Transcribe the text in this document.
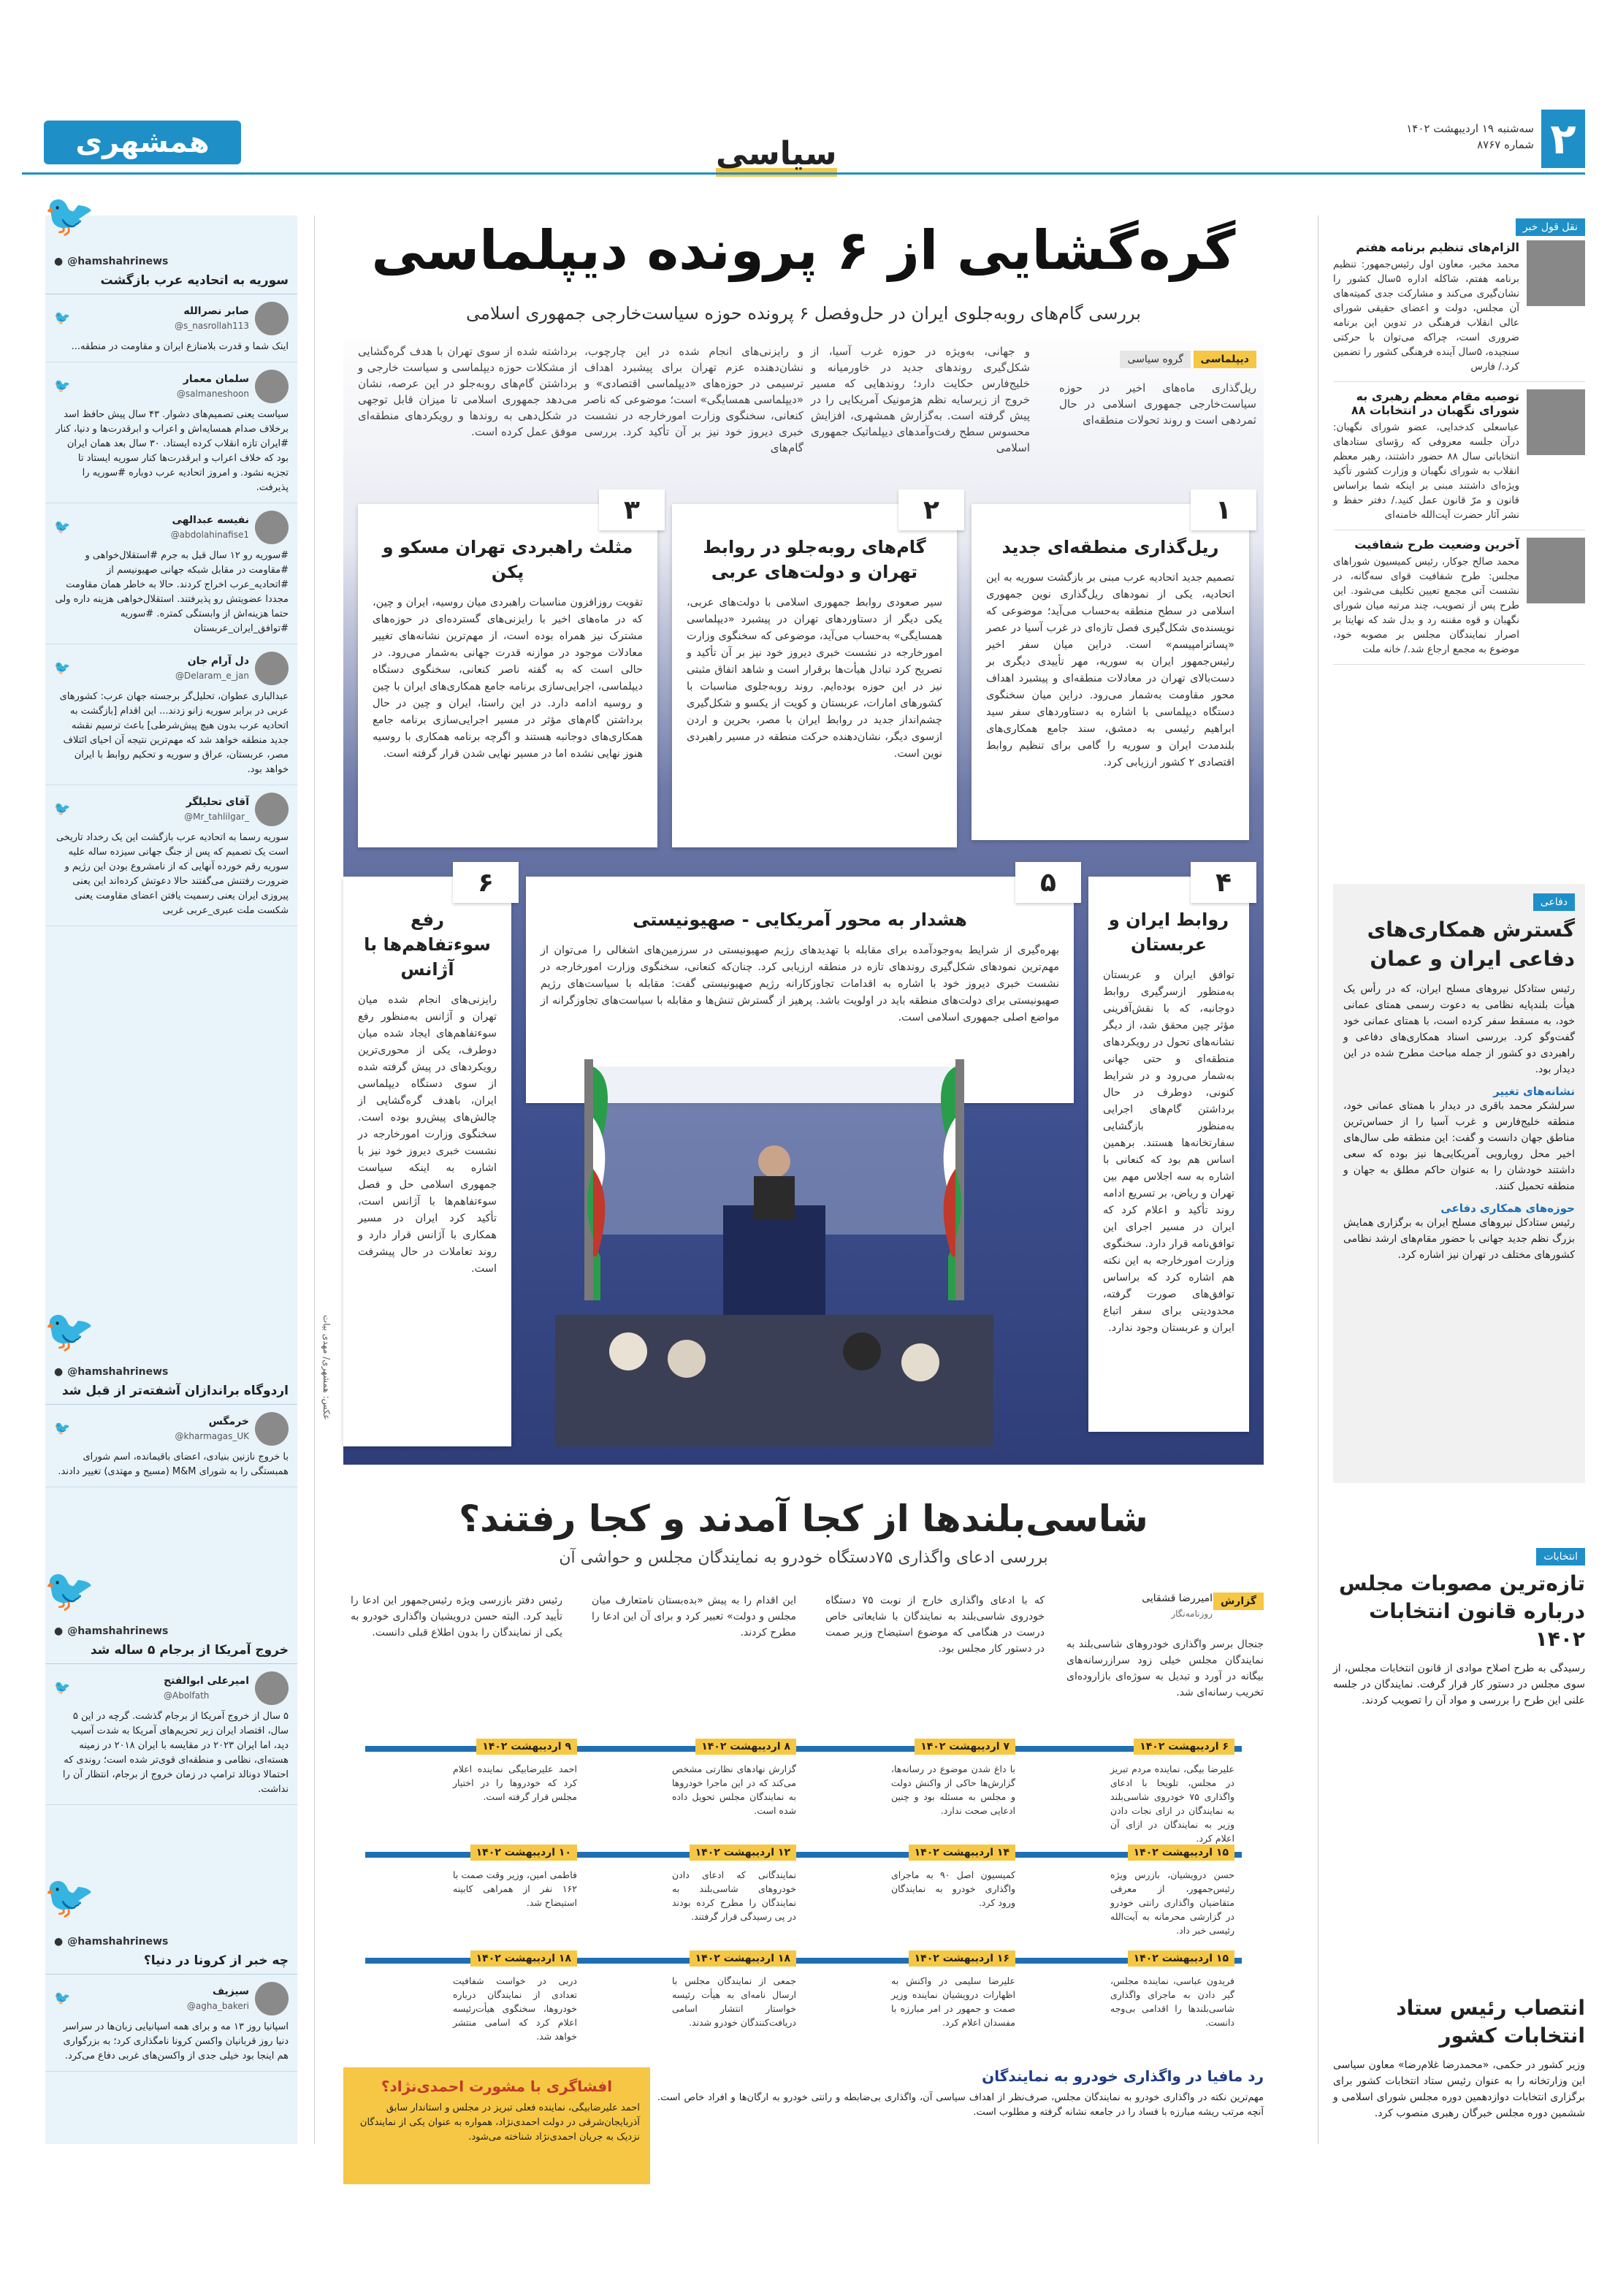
۲
سه‌شنبه ۱۹ اردیبهشت ۱۴۰۲
شماره ۸۷۶۷
همشهری	سیاسی
🐦
● @hamshahrinews
سوریه به اتحادیه عرب بازگشت
صابر نصرالله
@s_nasrollah113
🐦
اینک شما و قدرت بلامنازع ایران و مقاومت در منطقه...
سلمان معمار
@salmaneshoon
🐦
سیاست یعنی تصمیم‌های دشوار. ۴۳ سال پیش حافظ اسد برخلاف صدام همسایه‌اش و اعراب و ابرقدرت‌ها و دنیا، کنار #ایران تازه انقلاب کرده ایستاد. ۳۰ سال بعد همان ایران بود که خلاف اعراب و ابرقدرت‌ها کنار سوریه ایستاد تا تجزیه نشود. و امروز اتحادیه عرب دوباره #سوریه را پذیرفت.
نفیسه عبدالهی
@abdolahinafise1
🐦
#سوریه رو ۱۲ سال قبل به جرم #استقلال‌خواهی و #مقاومت در مقابل شبکه جهانی صهیونیسم از #اتحادیه_عرب اخراج کردند. حالا به خاطر همان مقاومت مجددا عضویتش رو پذیرفتند. استقلال‌خواهی هزینه داره ولی حتما هزینه‌اش از وابستگی کمتره. #سوریه #توافق_ایران_عربستان
دل آرام جان
@Delaram_e_jan
🐦
عبدالباری عطوان، تحلیل‌گر برجسته جهان عرب: کشورهای عربی در برابر سوریه زانو زدند... این اقدام [بازگشت به اتحادیه عرب بدون هیچ پیش‌شرطی] باعث ترسیم نقشه جدید منطقه خواهد شد که مهم‌ترین نتیجه آن احیای ائتلاف مصر، عربستان، عراق و سوریه و تحکیم روابط با ایران خواهد بود.
آقای تحلیلگر
@Mr_tahlilgar_
🐦
سوریه رسما به اتحادیه عرب بازگشت این یک رخداد تاریخی است یک تصمیم که پس از جنگ جهانی سیزده ساله علیه سوریه رقم خورده آنهایی که از نامشروع بودن این رژیم و ضرورت رفتنش می‌گفتند حالا دعوتش کرده‌اند این یعنی پیروزی ایران یعنی رسمیت یافتن اعضای مقاومت یعنی شکست ملت عبری_عربی غربی
🐦
● @hamshahrinews
اردوگاه براندازان آشفته‌تر از قبل شد
خرمگس
@kharmagas_UK
🐦
با خروج نازنین بنیادی، اعضای باقیمانده، اسم شورای همبستگی را به شورای M&M (مسیح و مهتدی) تغییر دادند.
🐦
● @hamshahrinews
خروج آمریکا از برجام ۵ ساله شد
امیرعلی ابوالفتح
@Abolfath
🐦
۵ سال از خروج آمریکا از برجام گذشت. گرچه در این ۵ سال، اقتصاد ایران زیر تحریم‌های آمریکا به شدت آسیب دید، اما ایران ۲۰۲۳ در مقایسه با ایران ۲۰۱۸ در زمینه هسته‌ای، نظامی و منطقه‌ای قوی‌تر شده است؛ روندی که احتمالا دونالد ترامپ در زمان خروج از برجام، انتظار آن را نداشت.
🐦
● @hamshahrinews
چه خبر از کرونا در دنیا؟
سیزیف
@agha_bakeri
🐦
اسپانیا روز ۱۳ مه و برای همه اسپانیایی زبان‌ها در سراسر دنیا روز قربانیان واکسن کرونا نامگذاری کرد؛ به بزرگواری هم اینجا بود خیلی جدی از واکسن‌های غربی دفاع می‌کرد.
گره‌گشایی از ۶ پرونده دیپلماسی
بررسی گام‌های روبه‌جلوی ایران در حل‌وفصل ۶ پرونده حوزه سیاست‌خارجی جمهوری اسلامی
دیپلماسی
گروه سیاسی
ریل‌گذاری ماه‌های اخیر در حوزه سیاست‌خارجی جمهوری اسلامی در حال ثمردهی است و روند تحولات منطقه‌ای
و جهانی، به‌ویژه در حوزه غرب آسیا، از شکل‌گیری روندهای جدید در خاورمیانه و خلیج‌فارس حکایت دارد؛ روندهایی که مسیر خروج از زیرسایه نظم هژمونیک آمریکایی را در پیش گرفته است. به‌گزارش همشهری، افزایش محسوس سطح رفت‌وآمدهای دیپلماتیک جمهوری اسلامی
و رایزنی‌های انجام شده در این چارچوب، نشان‌دهنده عزم تهران برای پیشبرد اهداف ترسیمی در حوزه‌های «دیپلماسی اقتصادی» و «دیپلماسی همسایگی» است؛ موضوعی که ناصر کنعانی، سخنگوی وزارت امورخارجه در نشست خبری دیروز خود نیز بر آن تأکید کرد. بررسی گام‌های
برداشته شده از سوی تهران با هدف گره‌گشایی از مشکلات حوزه دیپلماسی و سیاست خارجی و برداشتن گام‌های رو‌به‌جلو در این عرصه، نشان می‌دهد جمهوری اسلامی تا میزان قابل توجهی در شکل‌دهی به روندها و رویکردهای منطقه‌ای موفق عمل کرده است.
۱
ریل‌گذاری منطقه‌ای جدید
تصمیم جدید اتحادیه عرب مبنی بر بازگشت سوریه به این اتحادیه، یکی از نمودهای ریل‌گذاری نوین جمهوری اسلامی در سطح منطقه به‌حساب می‌آید؛ موضوعی که نویسنده‌ی شکل‌گیری فصل تازه‌ای در غرب آسیا در عصر «پساترامپیسم» است. دراین میان سفر اخیر رئیس‌جمهور ایران به سوریه، مهر تأییدی دیگری بر دست‌بالای تهران در معادلات منطقه‌ای و پیشبرد اهداف محور مقاومت به‌شمار می‌رود. دراین میان سخنگوی دستگاه دیپلماسی با اشاره به دستاوردهای سفر سید ابراهیم رئیسی به دمشق، سند جامع همکاری‌های بلندمدت ایران و سوریه را گامی برای تنظیم روابط اقتصادی ۲ کشور ارزیابی کرد.
۲
گام‌های روبه‌جلو در روابط تهران و دولت‌های عربی
سیر صعودی روابط جمهوری اسلامی با دولت‌های عربی، یکی دیگر از دستاوردهای تهران در پیشبرد «دیپلماسی همسایگی» به‌حساب می‌آید، موضوعی که سخنگوی وزارت امورخارجه در نشست خبری دیروز خود نیز بر آن تأکید و تصریح کرد تبادل هیأت‌ها برقرار است و شاهد اتفاق مثبتی نیز در این حوزه بوده‌ایم. روند روبه‌جلوی مناسبات با کشورهای امارات، عربستان و کویت از یکسو و شکل‌گیری چشم‌انداز جدید در روابط ایران با مصر، بحرین و اردن ازسوی دیگر، نشان‌دهنده حرکت منطقه در مسیر راهبردی نوین است.
۳
مثلث راهبردی تهران مسکو و پکن
تقویت روزافزون مناسبات راهبردی میان روسیه، ایران و چین، که در ماه‌های اخیر با رایزنی‌های گسترده‌ای در حوزه‌های مشترک نیز همراه بوده است، از مهم‌ترین نشانه‌های تغییر معادلات موجود در موازنه قدرت جهانی به‌شمار می‌رود. در حالی است که به گفته ناصر کنعانی، سخنگوی دستگاه دیپلماسی، اجرایی‌سازی برنامه جامع همکاری‌های ایران با چین و روسیه ادامه دارد. در این راستا، ایران و چین در حال برداشتن گام‌های مؤثر در مسیر اجرایی‌سازی برنامه جامع همکاری‌های دوجانبه هستند و اگرچه برنامه همکاری با روسیه هنوز نهایی نشده اما در مسیر نهایی شدن قرار گرفته است.
۴
روابط ایران و عربستان
توافق ایران و عربستان به‌منظور ازسرگیری روابط دوجانبه، که با نقش‌آفرینی مؤثر چین محقق شد، از دیگر نشانه‌های تحول در رویکردهای منطقه‌ای و حتی جهانی به‌شمار می‌رود و در شرایط کنونی، دوطرف در حال برداشتن گام‌های اجرایی به‌منظور بازگشایی سفارتخانه‌ها هستند. برهمین اساس هم بود که کنعانی با اشاره به سه اجلاس مهم بین تهران و ریاض، بر تسریع ادامه روند تأکید و اعلام کرد که ایران در مسیر اجرای این توافق‌نامه قرار دارد. سخنگوی وزارت امورخارجه به این نکته هم اشاره کرد که براساس توافق‌های صورت گرفته، محدودیتی برای سفر اتباع ایران و عربستان وجود ندارد.
۵
هشدار به محور آمریکایی - صهیونیستی
بهره‌گیری از شرایط به‌وجودآمده برای مقابله با تهدیدهای رژیم صهیونیستی در سرزمین‌های اشغالی را می‌توان از مهم‌ترین نمودهای شکل‌گیری روندهای تازه در منطقه ارزیابی کرد. چنان‌که کنعانی، سخنگوی وزارت امورخارجه در نشست خبری دیروز خود با اشاره به اقدامات تجاوزکارانه رژیم صهیونیستی گفت: مقابله با سیاست‌های رژیم صهیونیستی برای دولت‌های منطقه باید در اولویت باشد. پرهیز از گسترش تنش‌ها و مقابله با سیاست‌های تجاوزگرانه از مواضع اصلی جمهوری اسلامی است.
۶
رفع سوءتفاهم‌ها با آژانس
رایزنی‌های انجام شده میان تهران و آژانس به‌منظور رفع سوءتفاهم‌های ایجاد شده میان دوطرف، یکی از محوری‌ترین رویکردهای در پیش گرفته شده از سوی دستگاه دیپلماسی ایران، باهدف گره‌گشایی از چالش‌های پیش‌رو بوده است. سخنگوی وزارت امورخارجه در نشست خبری دیروز خود نیز با اشاره به اینکه سیاست جمهوری اسلامی حل و فصل سوءتفاهم‌ها با آژانس است، تأکید کرد ایران در مسیر همکاری با آژانس قرار دارد و روند تعاملات در حال پیشرفت است.
عکس: همشهری/ مهدی بیات
شاسی‌بلندها از کجا آمدند و کجا رفتند؟
بررسی ادعای واگذاری ۷۵دستگاه خودرو به نمایندگان مجلس و حواشی آن
گزارش
امیررضا قشقایی
روزنامه‌نگار
جنجال برسر واگذاری خودروهای شاسی‌بلند به نمایندگان مجلس خیلی زود سرازرسانه‌های بیگانه در آورد و تبدیل به سوژه‌ای بازاروده‌ای تخریب رسانه‌ای شد.
که با ادعای واگذاری خارج از نوبت ۷۵ دستگاه خودروی شاسی‌بلند به نمایندگان با شایعاتی خاص درست در هنگامی که موضوع استیضاح وزیر صمت در دستور کار مجلس بود.
این اقدام را به پیش «بده‌بستان نامتعارف میان مجلس و دولت» تعبیر کرد و برای آن این ادعا را مطرح کردند.
رئیس دفتر بازرسی ویژه رئیس‌جمهور این ادعا را تأیید کرد. البته حسن درویشیان واگذاری خودرو به یکی از نمایندگان را بدون اطلاع قبلی دانست.
۶ اردیبهشت ۱۴۰۲
علیرضا بیگی، نماینده مردم تبریز در مجلس، تلویحا با ادعای واگذاری ۷۵ خودروی شاسی‌بلند به نمایندگان در ازای نجات دادن وزیر به نمایندگان در ازای آن اعلام کرد.
۷ اردیبهشت ۱۴۰۲
با داغ شدن موضوع در رسانه‌ها، گزارش‌ها حاکی از واکنش دولت و مجلس به مسئله بود و چنین ادعایی صحت ندارد.
۸ اردیبهشت ۱۴۰۲
گزارش نهادهای نظارتی مشخص می‌کند که در این ماجرا خودروها به نمایندگان مجلس تحویل داده شده است.
۹ اردیبهشت ۱۴۰۲
احمد علیرضابیگی نماینده اعلام کرد که خودروها را در اختیار مجلس قرار گرفته است.
۱۰ اردیبهشت ۱۴۰۲
فاطمی امین، وزیر وقت صمت با ۱۶۲ نفر از همراهی کابینه استیضاح شد.
۱۲ اردیبهشت ۱۴۰۲
نمایندگانی که ادعای دادن خودروهای شاسی‌بلند به نمایندگان را مطرح کرده بودند در پی رسیدگی قرار گرفتند.
۱۴ اردیبهشت ۱۴۰۲
کمیسیون اصل ۹۰ به ماجرای واگذاری خودرو به نمایندگان ورود کرد.
۱۵ اردیبهشت ۱۴۰۲
حسن درویشیان، بازرس ویژه رئیس‌جمهور، از معرفی متقاضیان واگذاری رانتی خودرو در گزارشی محرمانه به آیت‌الله رئیسی خبر داد.
۱۵ اردیبهشت ۱۴۰۲
فریدون عباسی، نماینده مجلس، گیر دادن به ماجرای واگذاری شاسی‌بلندها را اقدامی بی‌وجه دانست.
۱۶ اردیبهشت ۱۴۰۲
علیرضا سلیمی در واکنش به اظهارات درویشیان نماینده وزیر صمت و جمهور در امر مبارزه با مفسدان اعلام کرد.
۱۸ اردیبهشت ۱۴۰۲
جمعی از نمایندگان مجلس با ارسال نامه‌ای به هیأت رئیسه خواستار انتشار اسامی دریافت‌کنندگان خودرو شدند.
۱۸ اردیبهشت ۱۴۰۲
دربی در خواست شفافیت تعدادی از نمایندگان درباره خودروها، سخنگوی هیأت‌رئیسه اعلام کرد که اسامی منتشر خواهد شد.
افشاگری با مشورت احمدی‌نژاد؟

احمد علیرضابیگی، نماینده فعلی تبریز در مجلس و استاندار سابق آذربایجان‌شرقی در دولت احمدی‌نژاد، همواره به عنوان یکی از نمایندگان نزدیک به جریان احمدی‌نژاد شناخته می‌شود.

رد مافیا در واگذاری خودرو به نمایندگان

مهم‌ترین نکته در واگذاری خودرو به نمایندگان مجلس، صرف‌نظر از اهداف سیاسی آن، واگذاری بی‌ضابطه و رانتی خودرو به ارگان‌ها و افراد خاص است. آنچه مرتب ریشه مبارزه با فساد را در جامعه نشانه گرفته و مطلوب است.

نقل قول خبر
الزام‌های تنظیم برنامه هفتم
محمد مخبر، معاون اول رئیس‌جمهور: تنظیم برنامه هفتم، شاکله اداره ۵سال کشور را نشان‌گیری می‌کند و مشارکت جدی کمیته‌های آن مجلس، دولت و اعضای حقیقی شورای عالی انقلاب فرهنگی در تدوین این برنامه ضروری است، چراکه می‌توان با حرکتی سنجیده، ۵سال آینده فرهنگی کشور را تضمین کرد./ فارس
توصیه مقام معظم رهبری به شورای نگهبان در انتخابات ۸۸
عباسعلی کدخدایی، عضو شورای نگهبان: درآن جلسه معروفی که رؤسای ستادهای انتخاباتی سال ۸۸ حضور داشتند، رهبر معظم انقلاب به شورای نگهبان و وزارت کشور تأکید ویژه‌ای داشتند مبنی بر اینکه شما براساس قانون و مرّ قانون عمل کنید./ دفتر حفظ و نشر آثار حضرت آیت‌الله خامنه‌ای
آخرین وضعیت طرح شفافیت
محمد صالح جوکار، رئیس کمیسیون شوراهای مجلس: طرح شفافیت قوای سه‌گانه، در نشست آتی مجمع تعیین تکلیف می‌شود. این طرح پس از تصویب، چند مرتبه میان شورای نگهبان و قوه مقننه رد و بدل شد که نهایتا بر اصرار نمایندگان مجلس بر مصوبه خود، موضوع به مجمع ارجاع شد./ خانه ملت
دفاعی
گسترش همکاری‌های دفاعی ایران و عمان

رئیس ستادکل نیروهای مسلح ایران، که در رأس یک هیأت بلندپایه نظامی به دعوت رسمی همتای عمانی خود، به مسقط سفر کرده است، با همتای عمانی خود گفت‌وگو کرد. بررسی اسناد همکاری‌های دفاعی و راهبردی دو کشور از جمله مباحث مطرح شده در این دیدار بود.

نشانه‌های تغییر

سرلشکر محمد باقری در دیدار با همتای عمانی خود، منطقه خلیج‌فارس و غرب آسیا را از حساس‌ترین مناطق جهان دانست و گفت: این منطقه طی سال‌های اخیر محل رو‌یارویی آمریکایی‌ها نیز بوده که سعی داشتند خودشان را به عنوان حاکم مطلق به جهان و منطقه تحمیل کنند.

حوزه‌های همکاری دفاعی

رئیس ستادکل نیروهای مسلح ایران به برگزاری همایش بزرگ نظم جدید جهانی با حضور مقام‌های ارشد نظامی کشورهای مختلف در تهران نیز اشاره کرد.

انتخابات
تازه‌ترین مصوبات مجلس درباره قانون انتخابات ۱۴۰۲
رسیدگی به طرح اصلاح موادی از قانون انتخابات مجلس، از سوی مجلس در دستور کار قرار گرفت. نمایندگان در جلسه علنی این طرح را بررسی و مواد آن را تصویب کردند.
انتصاب رئیس ستاد انتخابات کشور
وزیر کشور در حکمی، «محمدرضا غلام‌رضا» معاون سیاسی این وزارتخانه را به عنوان رئیس ستاد انتخابات کشور برای برگزاری انتخابات دوازدهمین دوره مجلس شورای اسلامی و ششمین دوره مجلس خبرگان رهبری منصوب کرد.
